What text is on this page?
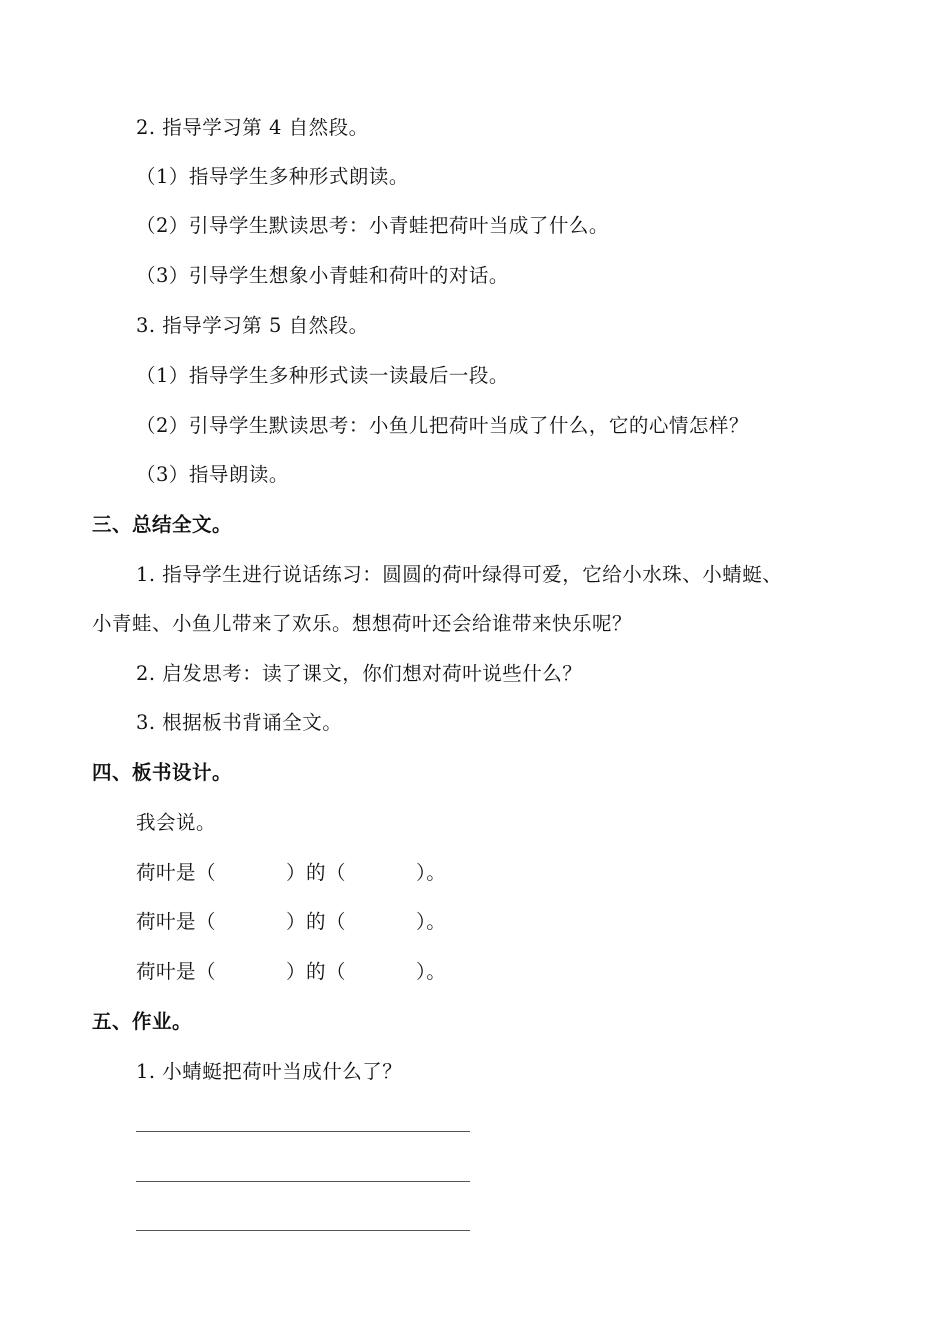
2. 指导学习第 4 自然段。
（1）指导学生多种形式朗读。
（2）引导学生默读思考：小青蛙把荷叶当成了什么。
（3）引导学生想象小青蛙和荷叶的对话。
3. 指导学习第 5 自然段。
（1）指导学生多种形式读一读最后一段。
（2）引导学生默读思考：小鱼儿把荷叶当成了什么，它的心情怎样？
（3）指导朗读。
三、总结全文。
1. 指导学生进行说话练习：圆圆的荷叶绿得可爱，它给小水珠、小蜻蜓、
小青蛙、小鱼儿带来了欢乐。想想荷叶还会给谁带来快乐呢？
2. 启发思考：读了课文，你们想对荷叶说些什么？
3. 根据板书背诵全文。
四、板书设计。
我会说。
荷叶是（	）的（	）。
荷叶是（	）的（	）。
荷叶是（	）的（	）。
五、作业。
1. 小蜻蜓把荷叶当成什么了？
